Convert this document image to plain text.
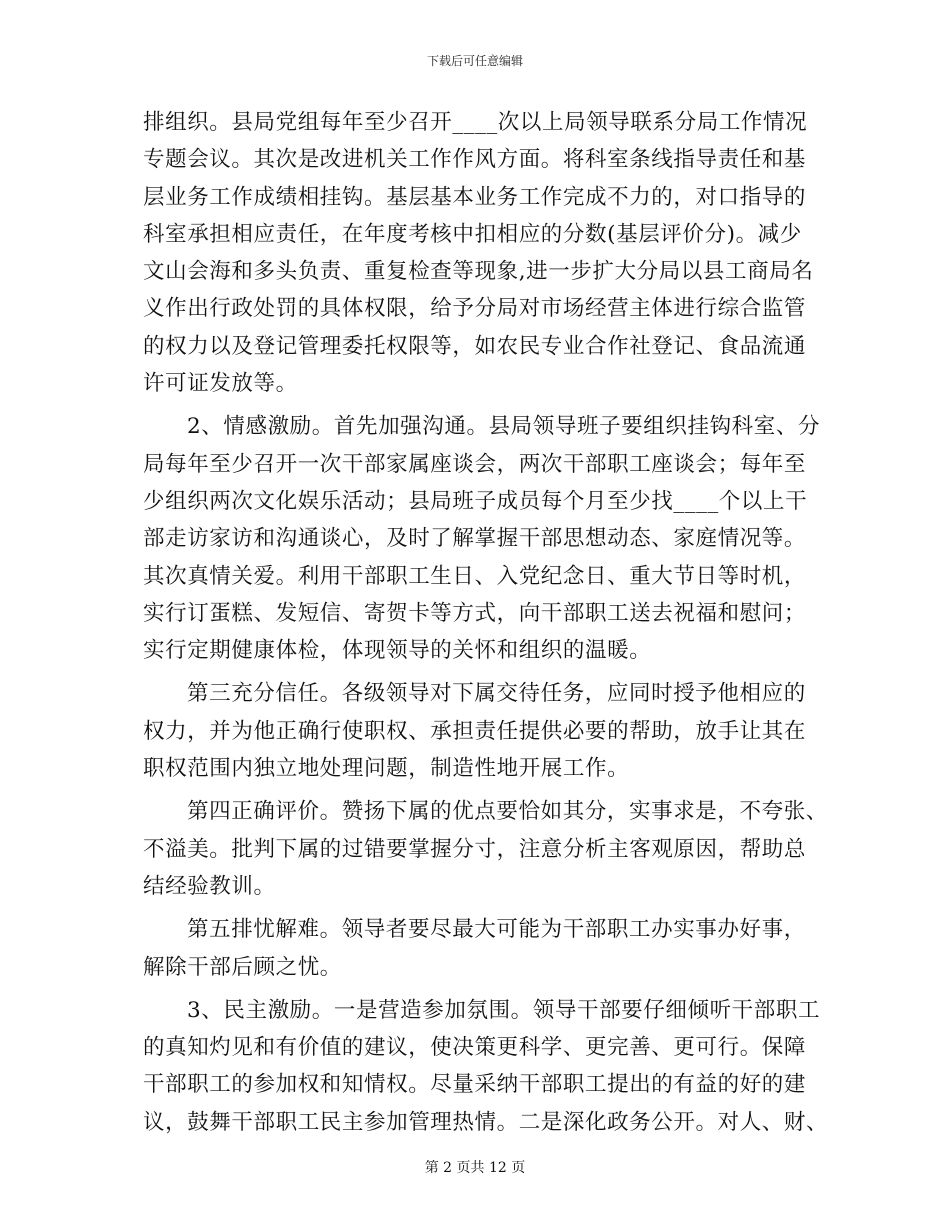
下载后可任意编辑
排组织。县局党组每年至少召开____次以上局领导联系分局工作情况
专题会议。其次是改进机关工作作风方面。将科室条线指导责任和基
层业务工作成绩相挂钩。基层基本业务工作完成不力的，对口指导的
科室承担相应责任，在年度考核中扣相应的分数(基层评价分)。减少
文山会海和多头负责、重复检查等现象,进一步扩大分局以县工商局名
义作出行政处罚的具体权限，给予分局对市场经营主体进行综合监管
的权力以及登记管理委托权限等，如农民专业合作社登记、食品流通
许可证发放等。
2、情感激励。首先加强沟通。县局领导班子要组织挂钩科室、分
局每年至少召开一次干部家属座谈会，两次干部职工座谈会；每年至
少组织两次文化娱乐活动；县局班子成员每个月至少找____个以上干
部走访家访和沟通谈心，及时了解掌握干部思想动态、家庭情况等。
其次真情关爱。利用干部职工生日、入党纪念日、重大节日等时机，
实行订蛋糕、发短信、寄贺卡等方式，向干部职工送去祝福和慰问；
实行定期健康体检，体现领导的关怀和组织的温暖。
第三充分信任。各级领导对下属交待任务，应同时授予他相应的
权力，并为他正确行使职权、承担责任提供必要的帮助，放手让其在
职权范围内独立地处理问题，制造性地开展工作。
第四正确评价。赞扬下属的优点要恰如其分，实事求是，不夸张、
不溢美。批判下属的过错要掌握分寸，注意分析主客观原因，帮助总
结经验教训。
第五排忧解难。领导者要尽最大可能为干部职工办实事办好事，
解除干部后顾之忧。
3、民主激励。一是营造参加氛围。领导干部要仔细倾听干部职工
的真知灼见和有价值的建议，使决策更科学、更完善、更可行。保障
干部职工的参加权和知情权。尽量采纳干部职工提出的有益的好的建
议，鼓舞干部职工民主参加管理热情。二是深化政务公开。对人、财、
第 2 页共 12 页
